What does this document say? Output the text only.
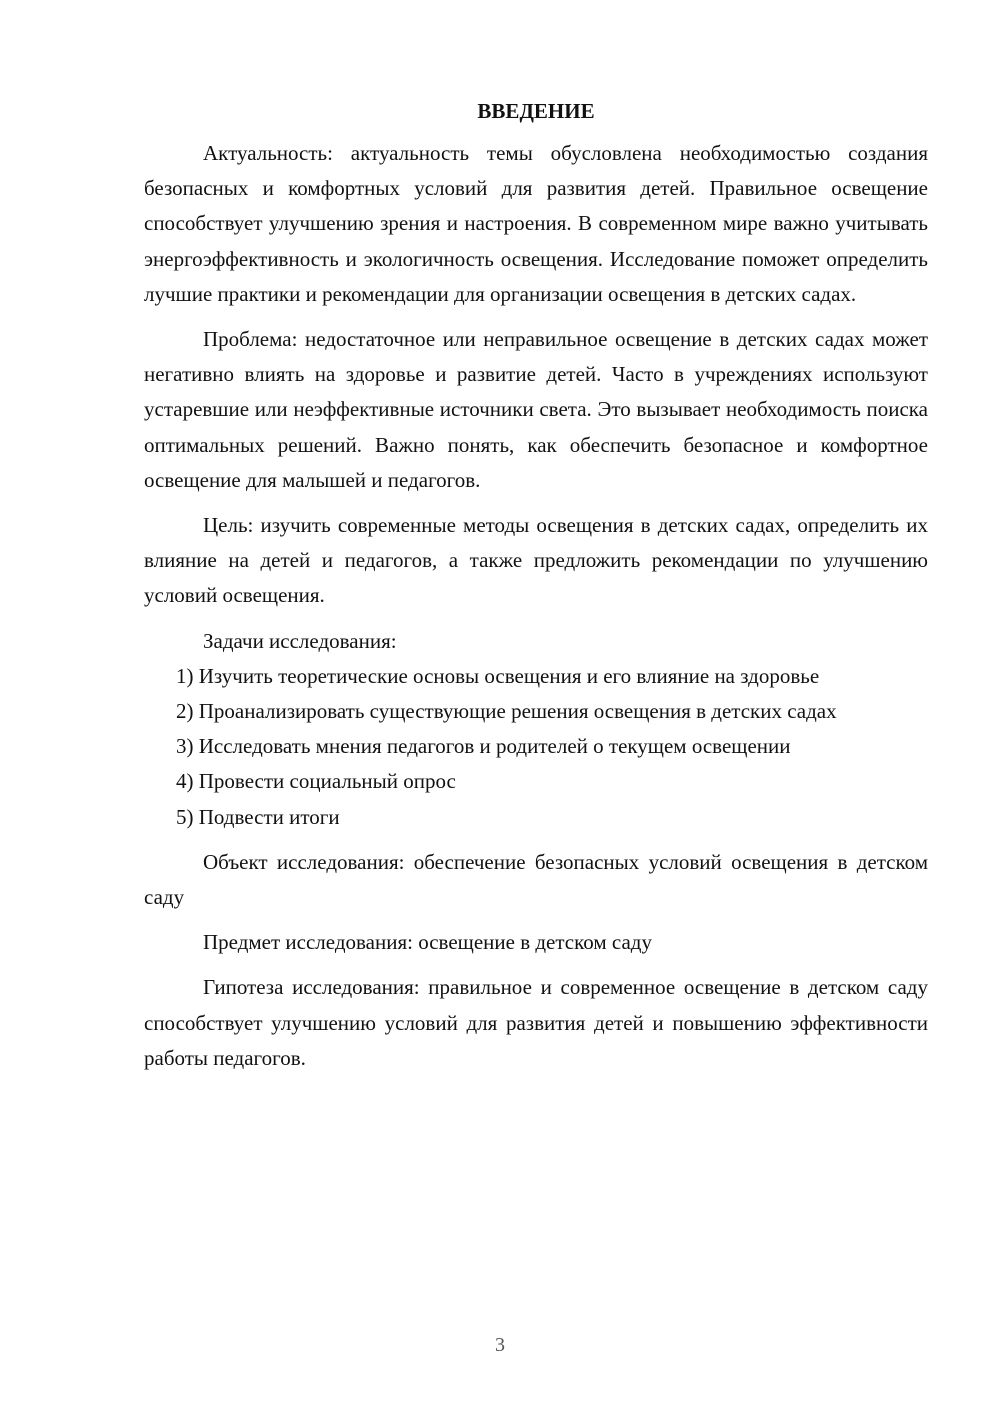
ВВЕДЕНИЕ

Актуальность: актуальность темы обусловлена необходимостью создания безопасных и комфортных условий для развития детей. Правильное освещение способствует улучшению зрения и настроения. В современном мире важно учитывать энергоэффективность и экологичность освещения. Исследование поможет определить лучшие практики и рекомендации для организации освещения в детских садах.

Проблема: недостаточное или неправильное освещение в детских садах может негативно влиять на здоровье и развитие детей. Часто в учреждениях используют устаревшие или неэффективные источники света. Это вызывает необходимость поиска оптимальных решений. Важно понять, как обеспечить безопасное и комфортное освещение для малышей и педагогов.

Цель: изучить современные методы освещения в детских садах, определить их влияние на детей и педагогов, а также предложить рекомендации по улучшению условий освещения.

Задачи исследования:

1) Изучить теоретические основы освещения и его влияние на здоровье

2) Проанализировать существующие решения освещения в детских садах

3) Исследовать мнения педагогов и родителей о текущем освещении

4) Провести социальный опрос

5) Подвести итоги

Объект исследования: обеспечение безопасных условий освещения в детском саду

Предмет исследования: освещение в детском саду

Гипотеза исследования: правильное и современное освещение в детском саду способствует улучшению условий для развития детей и повышению эффективности работы педагогов.

3
